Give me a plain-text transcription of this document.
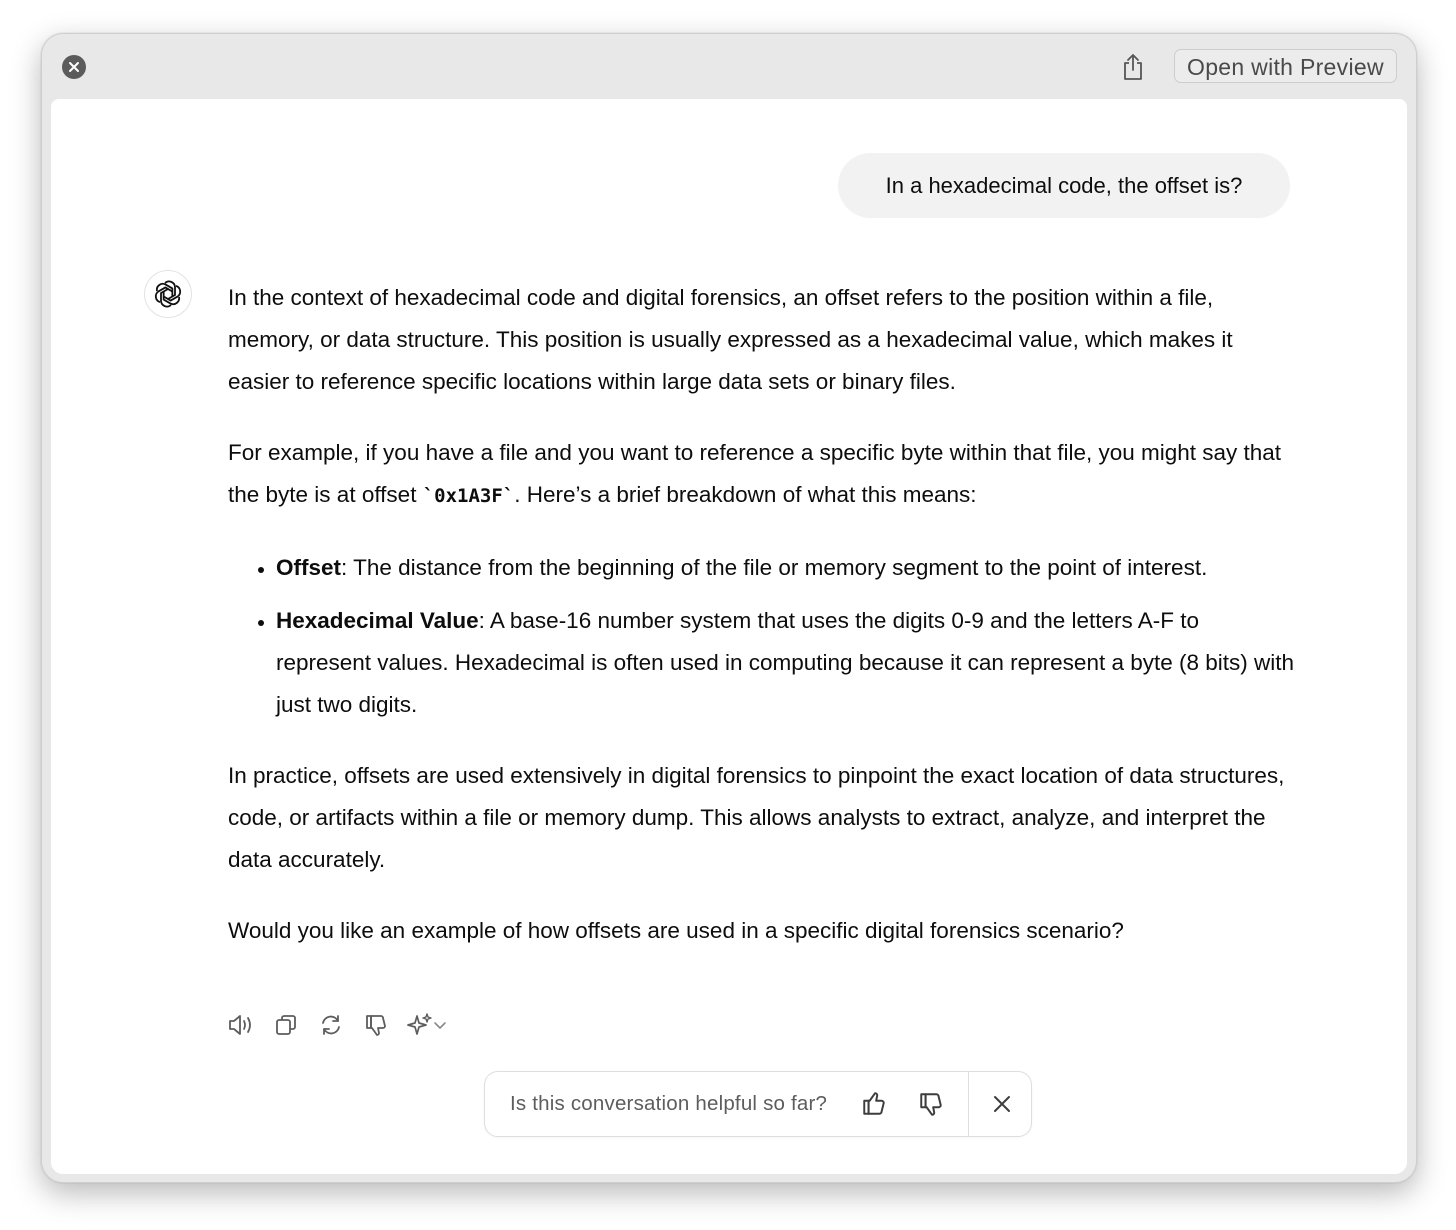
Open with Preview
In a hexadecimal code, the offset is?

In the context of hexadecimal code and digital forensics, an offset refers to the position within a file, memory, or data structure. This position is usually expressed as a hexadecimal value, which makes it easier to reference specific locations within large data sets or binary files.

For example, if you have a file and you want to reference a specific byte within that file, you might say that the byte is at offset `0x1A3F`. Here’s a brief breakdown of what this means:

• Offset: The distance from the beginning of the file or memory segment to the point of interest.
• Hexadecimal Value: A base-16 number system that uses the digits 0-9 and the letters A-F to represent values. Hexadecimal is often used in computing because it can represent a byte (8 bits) with just two digits.

In practice, offsets are used extensively in digital forensics to pinpoint the exact location of data structures, code, or artifacts within a file or memory dump. This allows analysts to extract, analyze, and interpret the data accurately.

Would you like an example of how offsets are used in a specific digital forensics scenario?

Is this conversation helpful so far?
